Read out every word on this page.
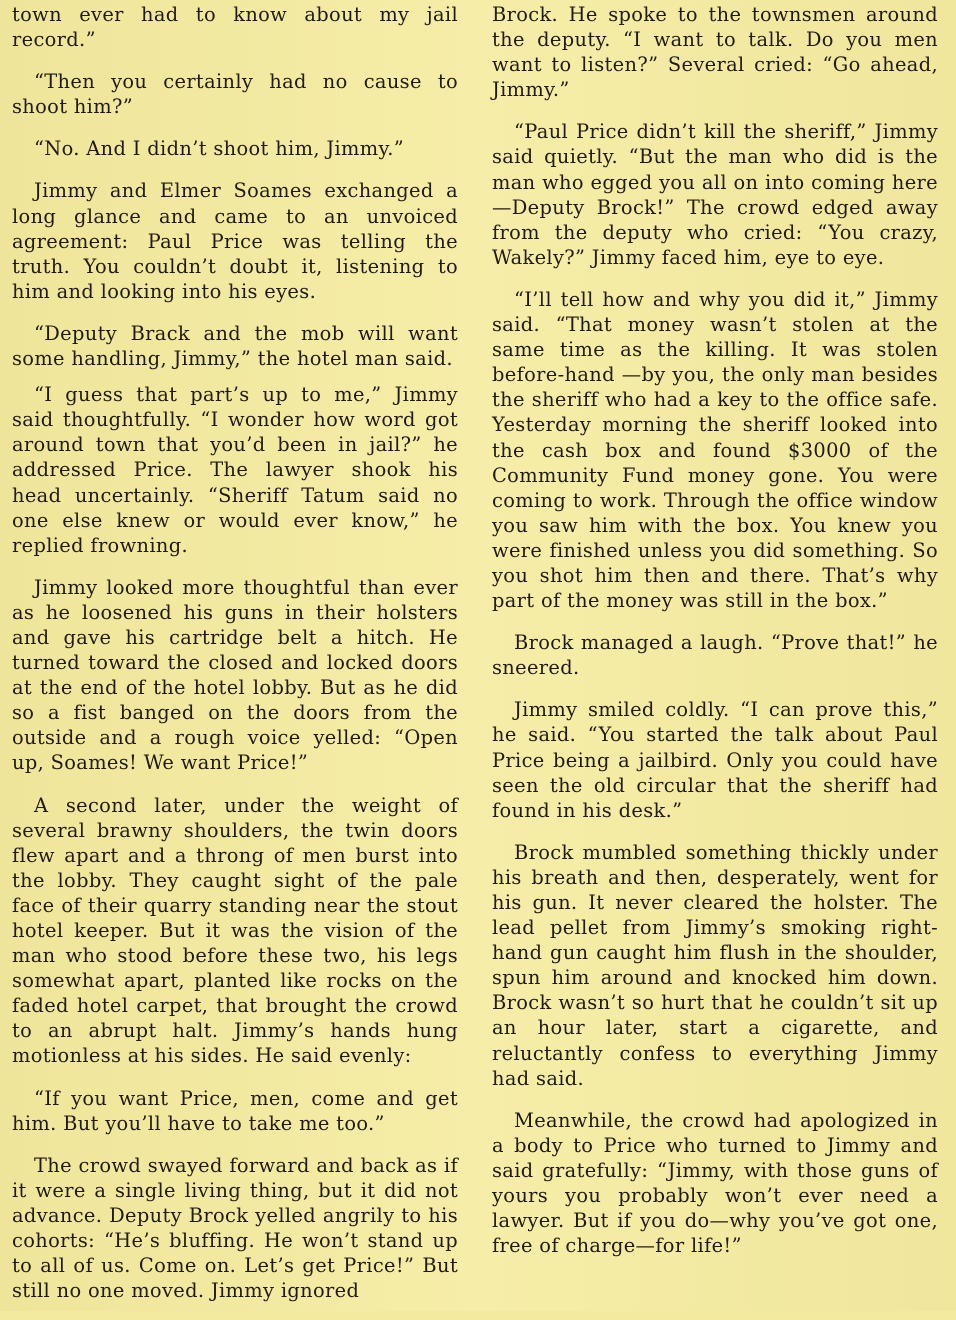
town ever had to know about my jail record.”

“Then you certainly had no cause to shoot him?”

“No. And I didn’t shoot him, Jimmy.”

Jimmy and Elmer Soames exchanged a long glance and came to an unvoiced agreement: Paul Price was telling the truth. You couldn’t doubt it, listening to him and looking into his eyes.

“Deputy Brack and the mob will want some handling, Jimmy,” the hotel man said.

“I guess that part’s up to me,” Jimmy said thoughtfully. “I wonder how word got around town that you’d been in jail?” he addressed Price. The lawyer shook his head uncertainly. “Sheriff Tatum said no one else knew or would ever know,” he replied frowning.

Jimmy looked more thoughtful than ever as he loosened his guns in their holsters and gave his cartridge belt a hitch. He turned toward the closed and locked doors at the end of the hotel lobby. But as he did so a fist banged on the doors from the outside and a rough voice yelled: “Open up, Soames! We want Price!”

A second later, under the weight of several brawny shoulders, the twin doors flew apart and a throng of men burst into the lobby. They caught sight of the pale face of their quarry standing near the stout hotel keeper. But it was the vision of the man who stood before these two, his legs somewhat apart, planted like rocks on the faded hotel carpet, that brought the crowd to an abrupt halt. Jimmy’s hands hung motionless at his sides. He said evenly:

“If you want Price, men, come and get him. But you’ll have to take me too.”

The crowd swayed forward and back as if it were a single living thing, but it did not advance. Deputy Brock yelled angrily to his cohorts: “He’s bluffing. He won’t stand up to all of us. Come on. Let’s get Price!” But still no one moved. Jimmy ignored

Brock. He spoke to the townsmen around the deputy. “I want to talk. Do you men want to listen?” Several cried: “Go ahead, Jimmy.”

“Paul Price didn’t kill the sheriff,” Jimmy said quietly. “But the man who did is the man who egged you all on into coming here—Deputy Brock!” The crowd edged away from the deputy who cried: “You crazy, Wakely?” Jimmy faced him, eye to eye.

“I’ll tell how and why you did it,” Jimmy said. “That money wasn’t stolen at the same time as the killing. It was stolen before-hand —by you, the only man besides the sheriff who had a key to the office safe. Yesterday morning the sheriff looked into the cash box and found $3000 of the Community Fund money gone. You were coming to work. Through the office window you saw him with the box. You knew you were finished unless you did something. So you shot him then and there. That’s why part of the money was still in the box.”

Brock managed a laugh. “Prove that!” he sneered.

Jimmy smiled coldly. “I can prove this,” he said. “You started the talk about Paul Price being a jailbird. Only you could have seen the old circular that the sheriff had found in his desk.”

Brock mumbled something thickly under his breath and then, desperately, went for his gun. It never cleared the holster. The lead pellet from Jimmy’s smoking right-hand gun caught him flush in the shoulder, spun him around and knocked him down. Brock wasn’t so hurt that he couldn’t sit up an hour later, start a cigarette, and reluctantly confess to everything Jimmy had said.

Meanwhile, the crowd had apologized in a body to Price who turned to Jimmy and said gratefully: “Jimmy, with those guns of yours you probably won’t ever need a lawyer. But if you do—why you’ve got one, free of charge—for life!”
